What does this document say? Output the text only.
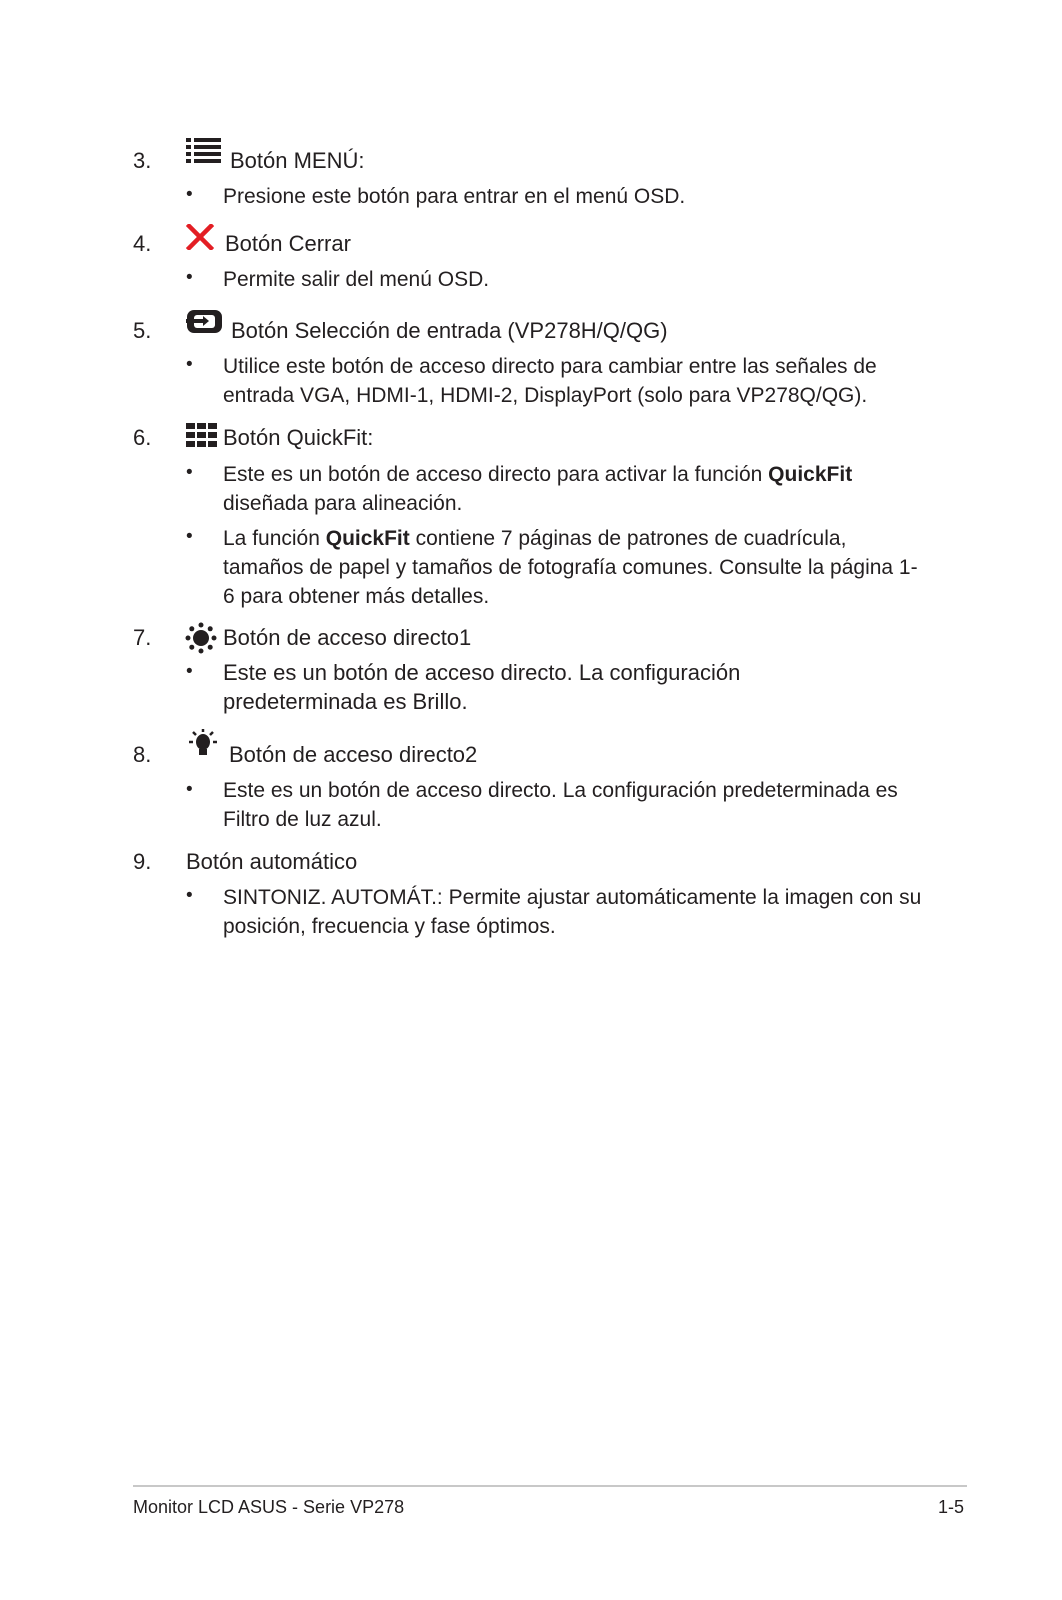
3.	Botón MENÚ:
• Presione este botón para entrar en el menú OSD.
4.	Botón Cerrar
• Permite salir del menú OSD.
5.	Botón Selección de entrada (VP278H/Q/QG)
• Utilice este botón de acceso directo para cambiar entre las señales de entrada VGA, HDMI-1, HDMI-2, DisplayPort (solo para VP278Q/QG).
6.	Botón QuickFit:
• Este es un botón de acceso directo para activar la función QuickFit diseñada para alineación.
• La función QuickFit contiene 7 páginas de patrones de cuadrícula, tamaños de papel y tamaños de fotografía comunes. Consulte la página 1-6 para obtener más detalles.
7.	Botón de acceso directo1
• Este es un botón de acceso directo. La configuración predeterminada es Brillo.
8.	Botón de acceso directo2
• Este es un botón de acceso directo. La configuración predeterminada es Filtro de luz azul.
9. Botón automático
• SINTONIZ. AUTOMÁT.: Permite ajustar automáticamente la imagen con su posición, frecuencia y fase óptimos.
Monitor LCD ASUS - Serie VP278	1-5
